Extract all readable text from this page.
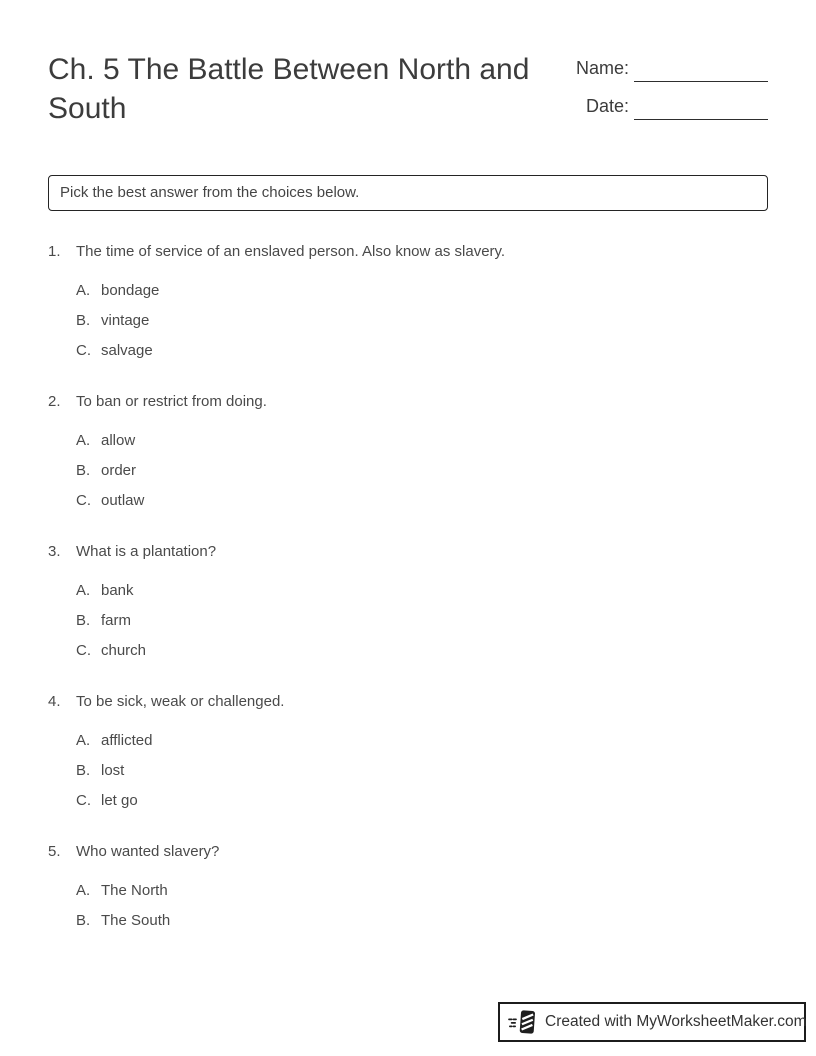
Ch. 5 The Battle Between North and South
Name:
Date:
Pick the best answer from the choices below.
1.	The time of service of an enslaved person. Also know as slavery.
A. bondage
B. vintage
C. salvage
2.	To ban or restrict from doing.
A. allow
B. order
C. outlaw
3.	What is a plantation?
A. bank
B. farm
C. church
4.	To be sick, weak or challenged.
A. afflicted
B. lost
C. let go
5.	Who wanted slavery?
A. The North
B. The South
Created with MyWorksheetMaker.com
